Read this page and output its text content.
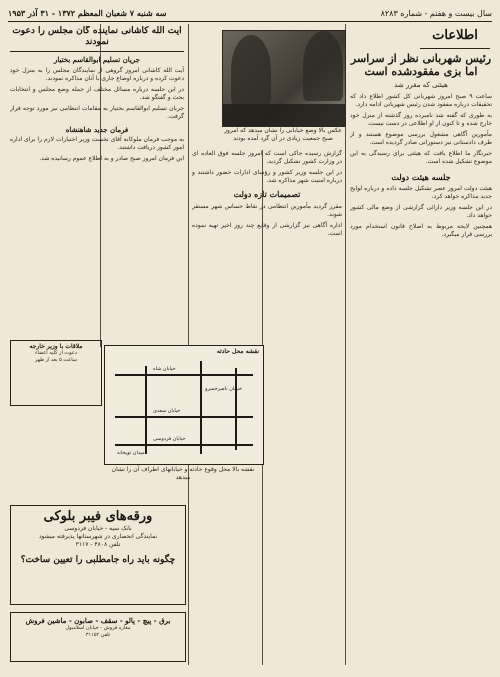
سال بیست و هفتم - شماره ۸۲۸۳
سه شنبه ۷ شعبان المعظم ۱۳۷۲ - ۳۱ آذر ۱۹۵۳
اطلاعات
رئیس شهربانی نظر از سراسر اما بزی مفقودشده است
هیئتی که مقرر شد

ساعت ۹ صبح امروز شهربانی کل کشور اطلاع داد که تحقیقات درباره مفقود شدن رئیس شهربانی ادامه دارد.

به طوری که گفته شد نامبرده روز گذشته از منزل خود خارج شده و تا کنون از او اطلاعی در دست نیست.

مأمورین آگاهی مشغول بررسی موضوع هستند و از طرف دادستانی نیز دستوراتی صادر گردیده است.

خبرنگار ما اطلاع یافت که هیئتی برای رسیدگی به این موضوع تشکیل شده است.

جلسه هیئت دولت

هیئت دولت امروز عصر تشکیل جلسه داده و درباره لوایح جدید مذاکره خواهد کرد.

در این جلسه وزیر دارائی گزارشی از وضع مالی کشور خواهد داد.

همچنین لایحه مربوط به اصلاح قانون استخدام مورد بررسی قرار میگیرد.

عکس بالا وضع خیابانی را نشان میدهد که امروز صبح جمعیت زیادی در آن گرد آمده بودند

گزارش رسیده حاکی است که امروز جلسه فوق العاده ای در وزارت کشور تشکیل گردید.

در این جلسه وزیر کشور و رؤسای ادارات حضور داشتند و درباره امنیت شهر مذاکره شد.

تصمیمات تازه دولت

مقرر گردید مأمورین انتظامی در نقاط حساس شهر مستقر شوند.

اداره آگاهی نیز گزارشی از وقایع چند روز اخیر تهیه نموده است.

آیت الله کاشانی نماینده گان مجلس را دعوت نمودند
جریان تسلیم ابوالقاسم بختیار

آیت الله کاشانی امروز گروهی از نمایندگان مجلس را به منزل خود دعوت کرده و درباره اوضاع جاری با آنان مذاکره نمودند.

در این جلسه درباره مسائل مختلف از جمله وضع مجلس و انتخابات بحث و گفتگو شد.

جریان تسلیم ابوالقاسم بختیار به مقامات انتظامی نیز مورد توجه قرار گرفت.

فرمان جدید شاهنشاه

به موجب فرمان ملوکانه آقای نخست وزیر اختیارات لازم را برای اداره امور کشور دریافت داشتند.

این فرمان امروز صبح صادر و به اطلاع عموم رسانیده شد.

ملاقات با وزیر خارجه
دعوت از کلیه اعضاء
ساعت ۵ بعد از ظهر
نقشه محل حادثه
خیابان شاه
خیابان سعدی
خیابان فردوسی
خیابان ناصرخسرو
میدان توپخانه
نقشه بالا محل وقوع حادثه و خیابانهای اطراف آن را نشان میدهد
ورقه‌های فیبر بلوکی
بانک سپه - خیابان فردوسی
نمایندگی انحصاری در شهرستانها پذیرفته میشود
تلفن ۴۸۰۸ - ۳۱۱۷
چگونه باید راه جامطلبی را تعیین ساخت؟
برق - پیچ - پالو - سقف - صابون - ماشین فروش
مغازه فروش - خیابان اسلامبول
تلفن ۳۱۱۵۲
